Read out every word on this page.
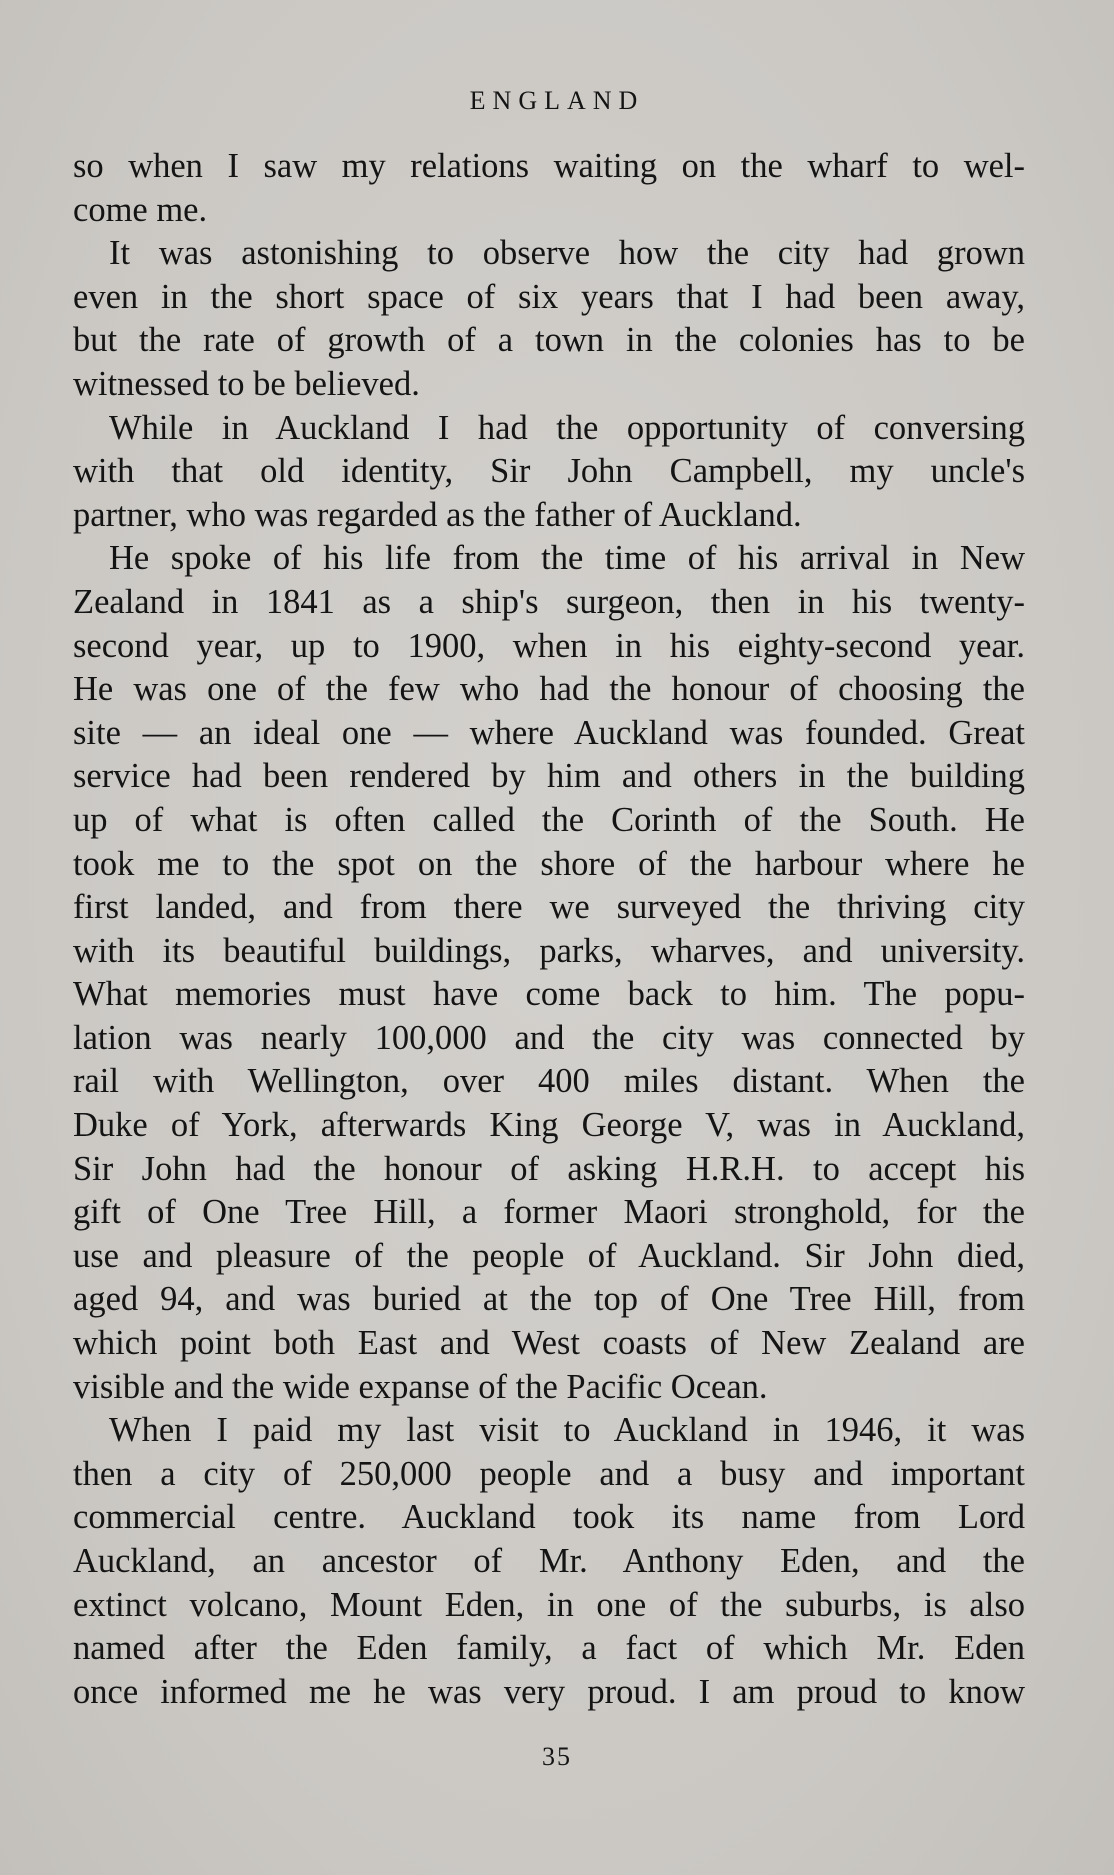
ENGLAND
so when I saw my relations waiting on the wharf to wel-
come me.
It was astonishing to observe how the city had grown
even in the short space of six years that I had been away,
but the rate of growth of a town in the colonies has to be
witnessed to be believed.
While in Auckland I had the opportunity of conversing
with that old identity, Sir John Campbell, my uncle's
partner, who was regarded as the father of Auckland.
He spoke of his life from the time of his arrival in New
Zealand in 1841 as a ship's surgeon, then in his twenty-
second year, up to 1900, when in his eighty-second year.
He was one of the few who had the honour of choosing the
site — an ideal one — where Auckland was founded. Great
service had been rendered by him and others in the building
up of what is often called the Corinth of the South. He
took me to the spot on the shore of the harbour where he
first landed, and from there we surveyed the thriving city
with its beautiful buildings, parks, wharves, and university.
What memories must have come back to him. The popu-
lation was nearly 100,000 and the city was connected by
rail with Wellington, over 400 miles distant. When the
Duke of York, afterwards King George V, was in Auckland,
Sir John had the honour of asking H.R.H. to accept his
gift of One Tree Hill, a former Maori stronghold, for the
use and pleasure of the people of Auckland. Sir John died,
aged 94, and was buried at the top of One Tree Hill, from
which point both East and West coasts of New Zealand are
visible and the wide expanse of the Pacific Ocean.
When I paid my last visit to Auckland in 1946, it was
then a city of 250,000 people and a busy and important
commercial centre. Auckland took its name from Lord
Auckland, an ancestor of Mr. Anthony Eden, and the
extinct volcano, Mount Eden, in one of the suburbs, is also
named after the Eden family, a fact of which Mr. Eden
once informed me he was very proud. I am proud to know
35
